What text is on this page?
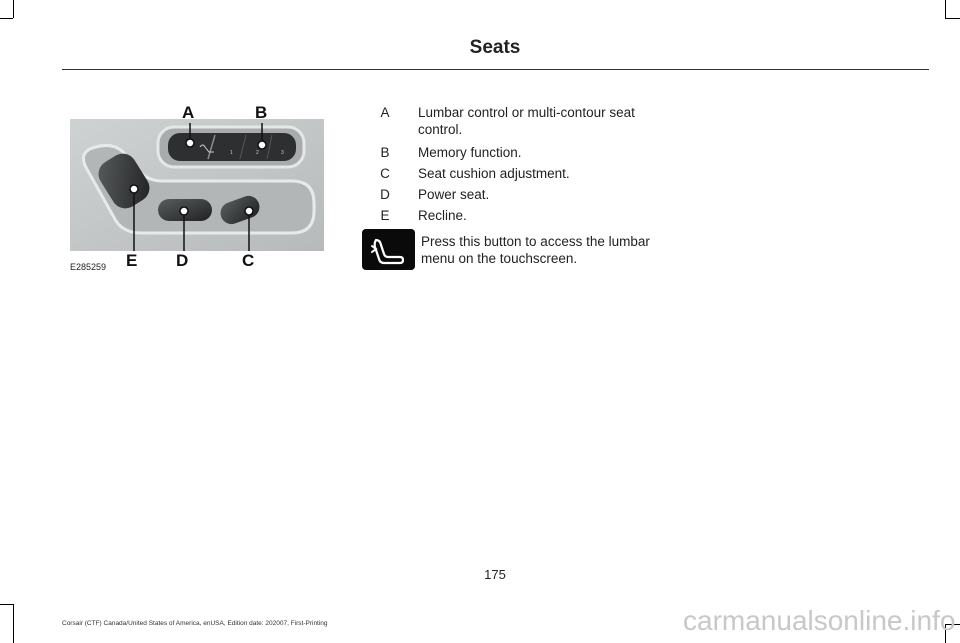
Seats
1	2	3
A	B
C
D
E
E285259
A Lumbar control or multi-contour seat control.
B Memory function.
C Seat cushion adjustment.
D Power seat.
E Recline.
Press this button to access the lumbar menu on the touchscreen.
175
Corsair (CTF) Canada/United States of America, enUSA, Edition date: 202007, First-Printing	carmanualsonline.info
